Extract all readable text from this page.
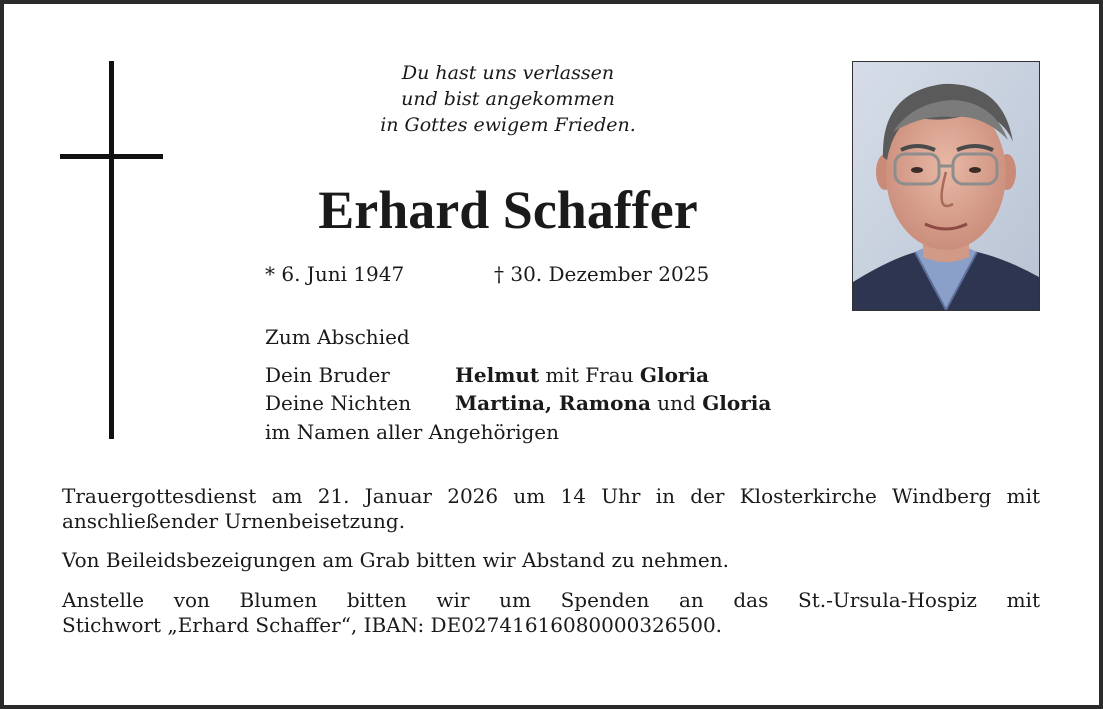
Du hast uns verlassen
und bist angekommen
in Gottes ewigem Frieden.
Erhard Schaffer
* 6. Juni 1947	† 30. Dezember 2025
Zum Abschied
Dein Bruder	Helmut mit Frau Gloria
Deine Nichten Martina, Ramona und Gloria
im Namen aller Angehörigen
Trauergottesdienst am 21. Januar 2026 um 14 Uhr in der Klosterkirche Windberg mit anschließender Urnenbeisetzung.
Von Beileidsbezeigungen am Grab bitten wir Abstand zu nehmen.
Anstelle von Blumen bitten wir um Spenden an das St.-Ursula-Hospiz mit
Stichwort „Erhard Schaffer“, IBAN: DE02741616080000326500.
